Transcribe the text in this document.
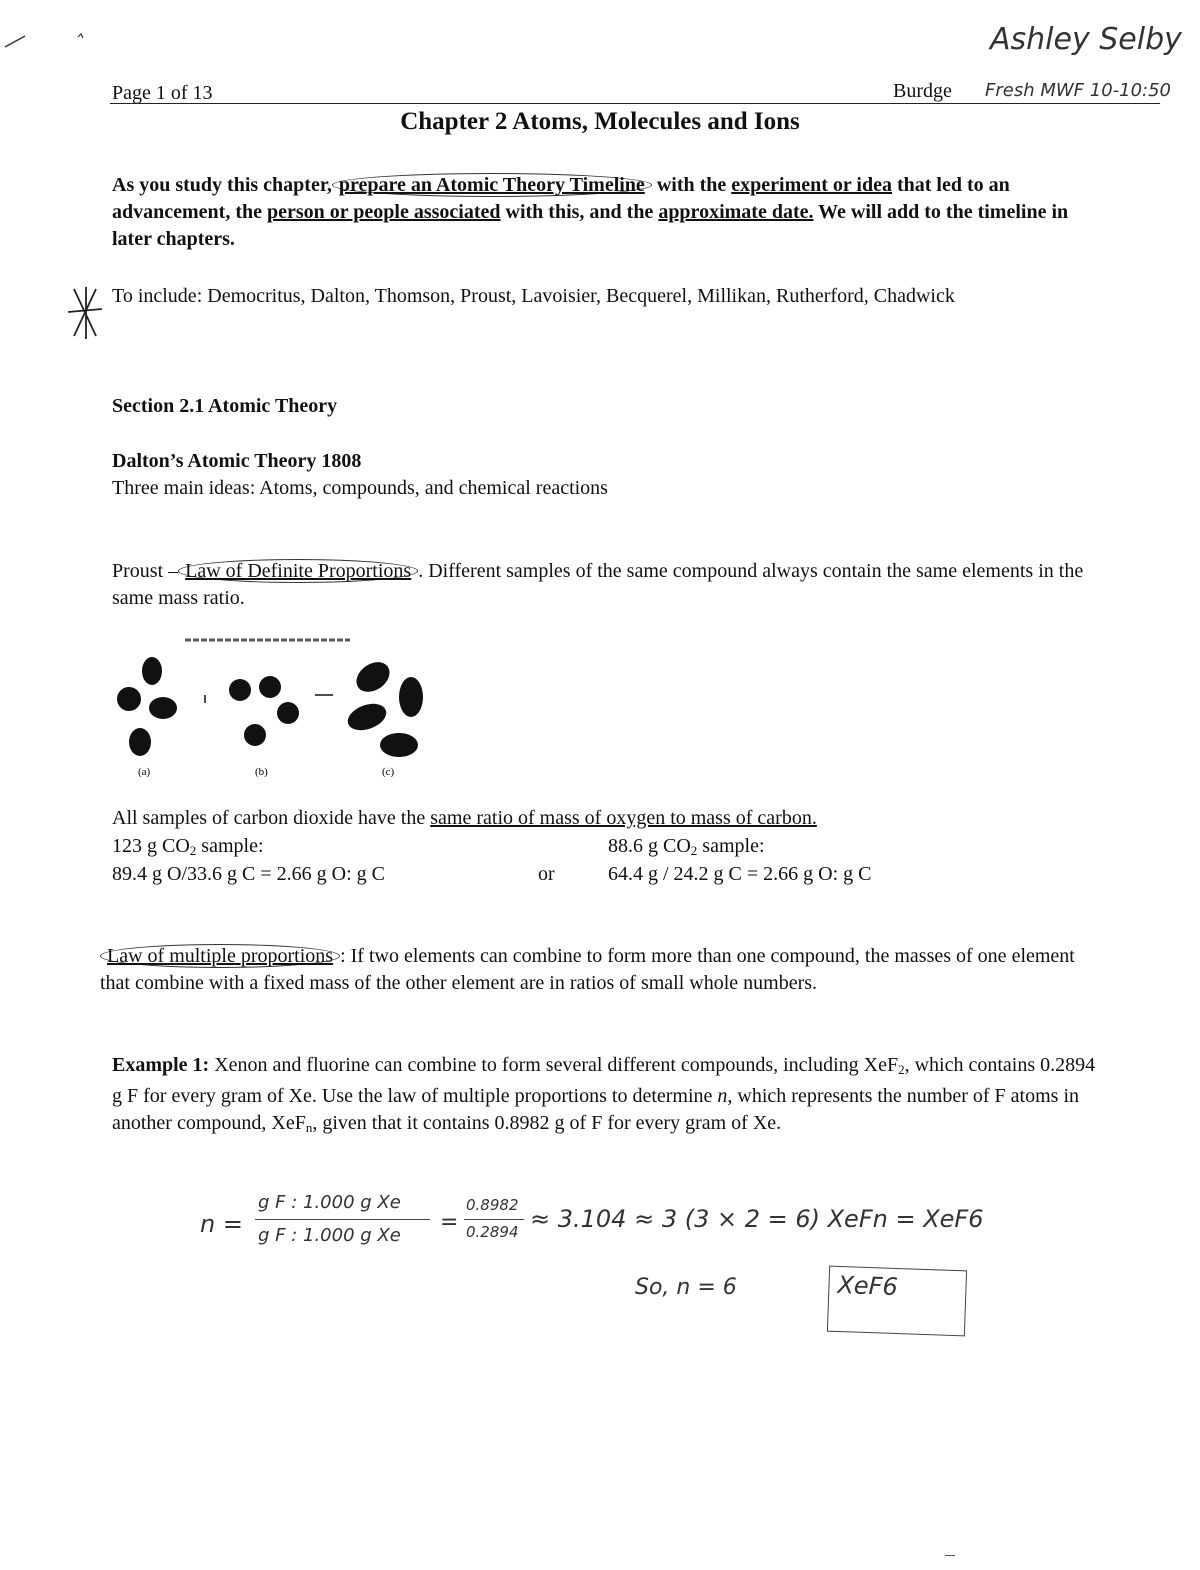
Ashley Selby
Page 1 of 13	Burdge Fresh MWF 10-10:50
Chapter 2 Atoms, Molecules and Ions
As you study this chapter, prepare an Atomic Theory Timeline with the experiment or idea that led to an advancement, the person or people associated with this, and the approximate date. We will add to the timeline in later chapters.
To include: Democritus, Dalton, Thomson, Proust, Lavoisier, Becquerel, Millikan, Rutherford, Chadwick
Section 2.1 Atomic Theory
Dalton’s Atomic Theory 1808
Three main ideas: Atoms, compounds, and chemical reactions
Proust – Law of Definite Proportions . Different samples of the same compound always contain the same elements in the same mass ratio.
(a)	(b)	(c)
All samples of carbon dioxide have the same ratio of mass of oxygen to mass of carbon.
123 g CO2 sample:
89.4 g O/33.6 g C = 2.66 g O: g C	or
88.6 g CO2 sample:
64.4 g / 24.2 g C = 2.66 g O: g C
Law of multiple proportions : If two elements can combine to form more than one compound, the masses of one element that combine with a fixed mass of the other element are in ratios of small whole numbers.
Example 1: Xenon and fluorine can combine to form several different compounds, including XeF2, which contains 0.2894 g F for every gram of Xe. Use the law of multiple proportions to determine n, which represents the number of F atoms in another compound, XeFn, given that it contains 0.8982 g of F for every gram of Xe.
n =
g F : 1.000 g Xe
g F : 1.000 g Xe
=
0.8982
0.2894 ≈ 3.104 ≈ 3 (3 × 2 = 6) XeFn = XeF6
So, n = 6	XeF6
